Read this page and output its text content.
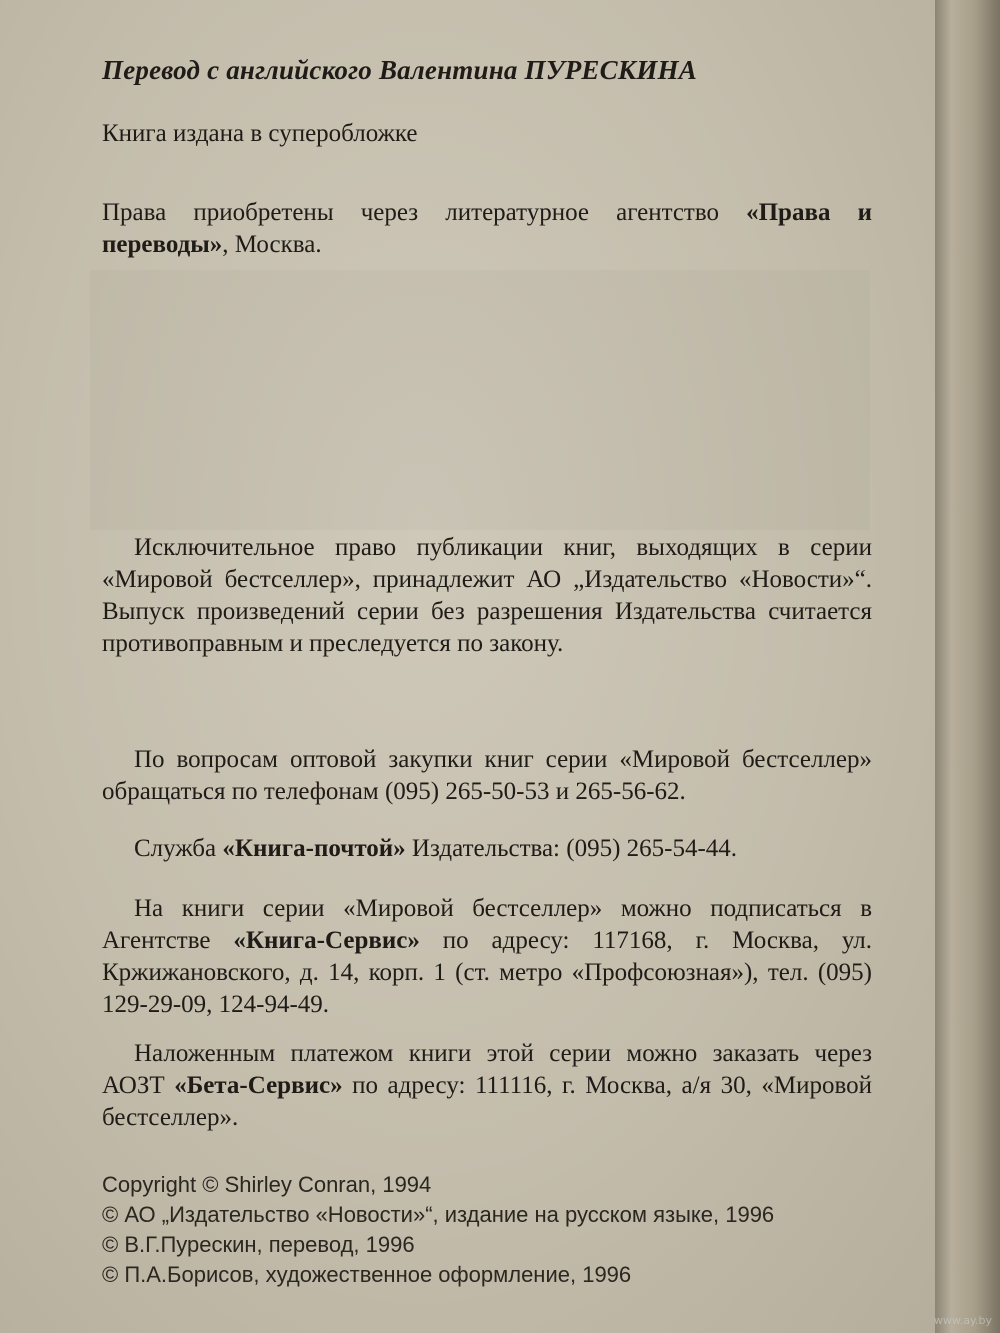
Перевод с английского Валентина ПУРЕСКИНА

Книга издана в суперобложке

Права приобретены через литературное агентство «Права и переводы», Москва.

Исключительное право публикации книг, выходящих в серии «Мировой бестселлер», принадлежит АО „Издательство «Новости»“. Выпуск произведений серии без разрешения Издательства считается противоправным и преследуется по закону.

По вопросам оптовой закупки книг серии «Мировой бестселлер» обращаться по телефонам (095) 265-50-53 и 265-56-62.

Служба «Книга-почтой» Издательства: (095) 265-54-44.

На книги серии «Мировой бестселлер» можно подписаться в Агентстве «Книга-Сервис» по адресу: 117168, г. Москва, ул. Кржижановского, д. 14, корп. 1 (ст. метро «Профсоюзная»), тел. (095) 129-29-09, 124-94-49.

Наложенным платежом книги этой серии можно заказать через АОЗТ «Бета-Сервис» по адресу: 111116, г. Москва, а/я 30, «Мировой бестселлер».

Copyright © Shirley Conran, 1994
© АО „Издательство «Новости»“, издание на русском языке, 1996
© В.Г.Пурескин, перевод, 1996
© П.А.Борисов, художественное оформление, 1996
www.ay.by
